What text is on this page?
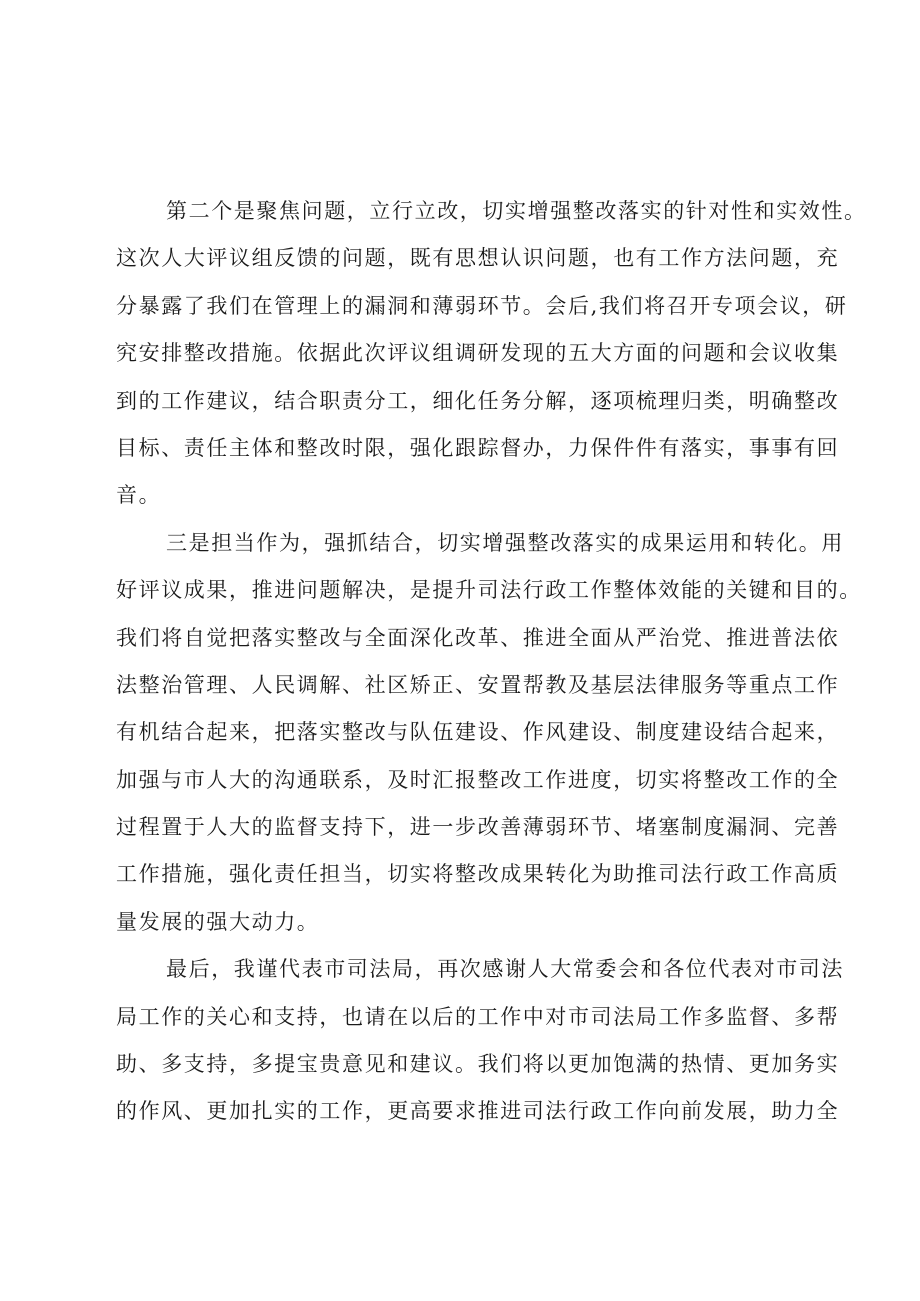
第二个是聚焦问题，立行立改，切实增强整改落实的针对性和实效性。
这次人大评议组反馈的问题，既有思想认识问题，也有工作方法问题，充
分暴露了我们在管理上的漏洞和薄弱环节。会后,我们将召开专项会议，研
究安排整改措施。依据此次评议组调研发现的五大方面的问题和会议收集
到的工作建议，结合职责分工，细化任务分解，逐项梳理归类，明确整改
目标、责任主体和整改时限，强化跟踪督办，力保件件有落实，事事有回
音。
三是担当作为，强抓结合，切实增强整改落实的成果运用和转化。用
好评议成果，推进问题解决，是提升司法行政工作整体效能的关键和目的。
我们将自觉把落实整改与全面深化改革、推进全面从严治党、推进普法依
法整治管理、人民调解、社区矫正、安置帮教及基层法律服务等重点工作
有机结合起来，把落实整改与队伍建设、作风建设、制度建设结合起来，
加强与市人大的沟通联系，及时汇报整改工作进度，切实将整改工作的全
过程置于人大的监督支持下，进一步改善薄弱环节、堵塞制度漏洞、完善
工作措施，强化责任担当，切实将整改成果转化为助推司法行政工作高质
量发展的强大动力。
最后，我谨代表市司法局，再次感谢人大常委会和各位代表对市司法
局工作的关心和支持，也请在以后的工作中对市司法局工作多监督、多帮
助、多支持，多提宝贵意见和建议。我们将以更加饱满的热情、更加务实
的作风、更加扎实的工作，更高要求推进司法行政工作向前发展，助力全
